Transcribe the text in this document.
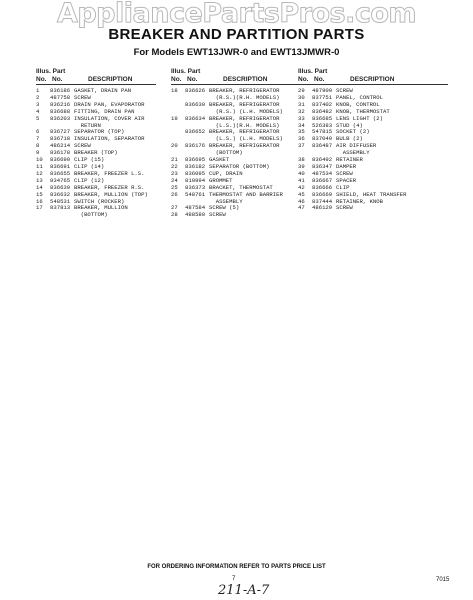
AppliancePartsPros.com
BREAKER AND PARTITION PARTS
For Models EWT13JWR-0 and EWT13JMWR-0
Illus. Part
No. No.	DESCRIPTION
1	836186 GASKET, DRAIN PAN
2	487758 SCREW
3	836216 DRAIN PAN, EVAPORATOR
4	836688 FITTING, DRAIN PAN
5	836203 INSULATION, COVER AIR
RETURN
6	836727 SEPARATOR (TOP)
7	836718 INSULATION, SEPARATOR
8	486214 SCREW
9	836178 BREAKER (TOP)
10	836690 CLIP (15)
11	836691 CLIP (14)
12	836655 BREAKER, FREEZER L.S.
13	834765 CLIP (12)
14	836639 BREAKER, FREEZER R.S.
15	836632 BREAKER, MULLION (TOP)
16	548531 SWITCH (ROCKER)
17	837813 BREAKER, MULLION
(BOTTOM)
Illus. Part
No. No.	DESCRIPTION
18	836626 BREAKER, REFRIGERATOR
(R.S.)(R.H. MODELS)
836630 BREAKER, REFRIGERATOR
(R.S.) (L.H. MODELS)
19	836634 BREAKER, REFRIGERATOR
(L.S.)(R.H. MODELS)
836652 BREAKER, REFRIGERATOR
(L.S.) (L.H. MODELS)
20	836176 BREAKER, REFRIGERATOR
(BOTTOM)
21	836695 GASKET
22	836182 SEPARATOR (BOTTOM)
23	836095 CUP, DRAIN
24	810994 GROMMET
25	836373 BRACKET, THERMOSTAT
26	548761 THERMOSTAT AND BARRIER
ASSEMBLY
27	487584 SCREW (5)
28	488580 SCREW
Illus. Part
No. No.	DESCRIPTION
29	487909 SCREW
30	837751 PANEL, CONTROL
31	837402 KNOB, CONTROL
32	836482 KNOB, THERMOSTAT
33	836685 LENS LIGHT (2)
34	526383 STUD (4)
35	547815 SOCKET (2)
36	837049 BULB (2)
37	836487 AIR DIFFUSER
ASSEMBLY
38	836492 RETAINER
39	836347 DAMPER
40	487534 SCREW
41	836667 SPACER
42	836666 CLIP
45	836669 SHIELD, HEAT TRANSFER
46	837444 RETAINER, KNOB
47	486129 SCREW
FOR ORDERING INFORMATION REFER TO PARTS PRICE LIST
7	7015
211-A-7
